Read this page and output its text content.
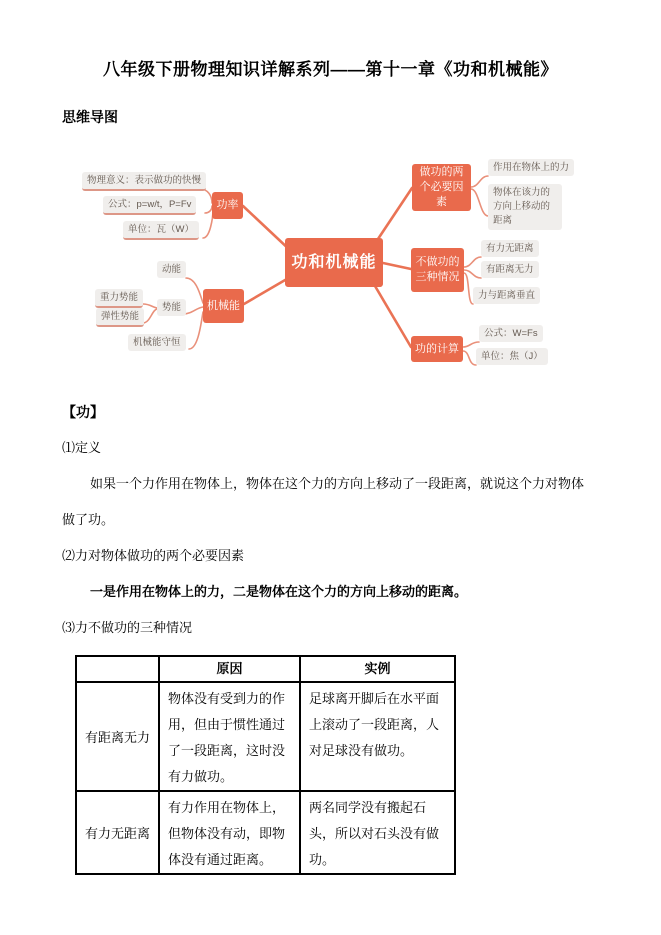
八年级下册物理知识详解系列——第十一章《功和机械能》
思维导图
功和机械能
功率
机械能
做功的两个必要因素
不做功的三种情况
功的计算
物理意义：表示做功的快慢
公式：p=w/t，P=Fv
单位：瓦（W）
动能
重力势能
势能
弹性势能
机械能守恒
作用在物体上的力
物体在该力的方向上移动的距离
有力无距离
有距离无力
力与距离垂直
公式：W=Fs
单位：焦（J）
【功】
⑴定义
如果一个力作用在物体上，物体在这个力的方向上移动了一段距离，就说这个力对物体
做了功。
⑵力对物体做功的两个必要因素
一是作用在物体上的力，二是物体在这个力的方向上移动的距离。
⑶力不做功的三种情况
	原因	实例
有距离无力	物体没有受到力的作用，但由于惯性通过了一段距离，这时没有力做功。	足球离开脚后在水平面上滚动了一段距离，人对足球没有做功。
有力无距离	有力作用在物体上，但物体没有动，即物体没有通过距离。	两名同学没有搬起石头，所以对石头没有做功。
